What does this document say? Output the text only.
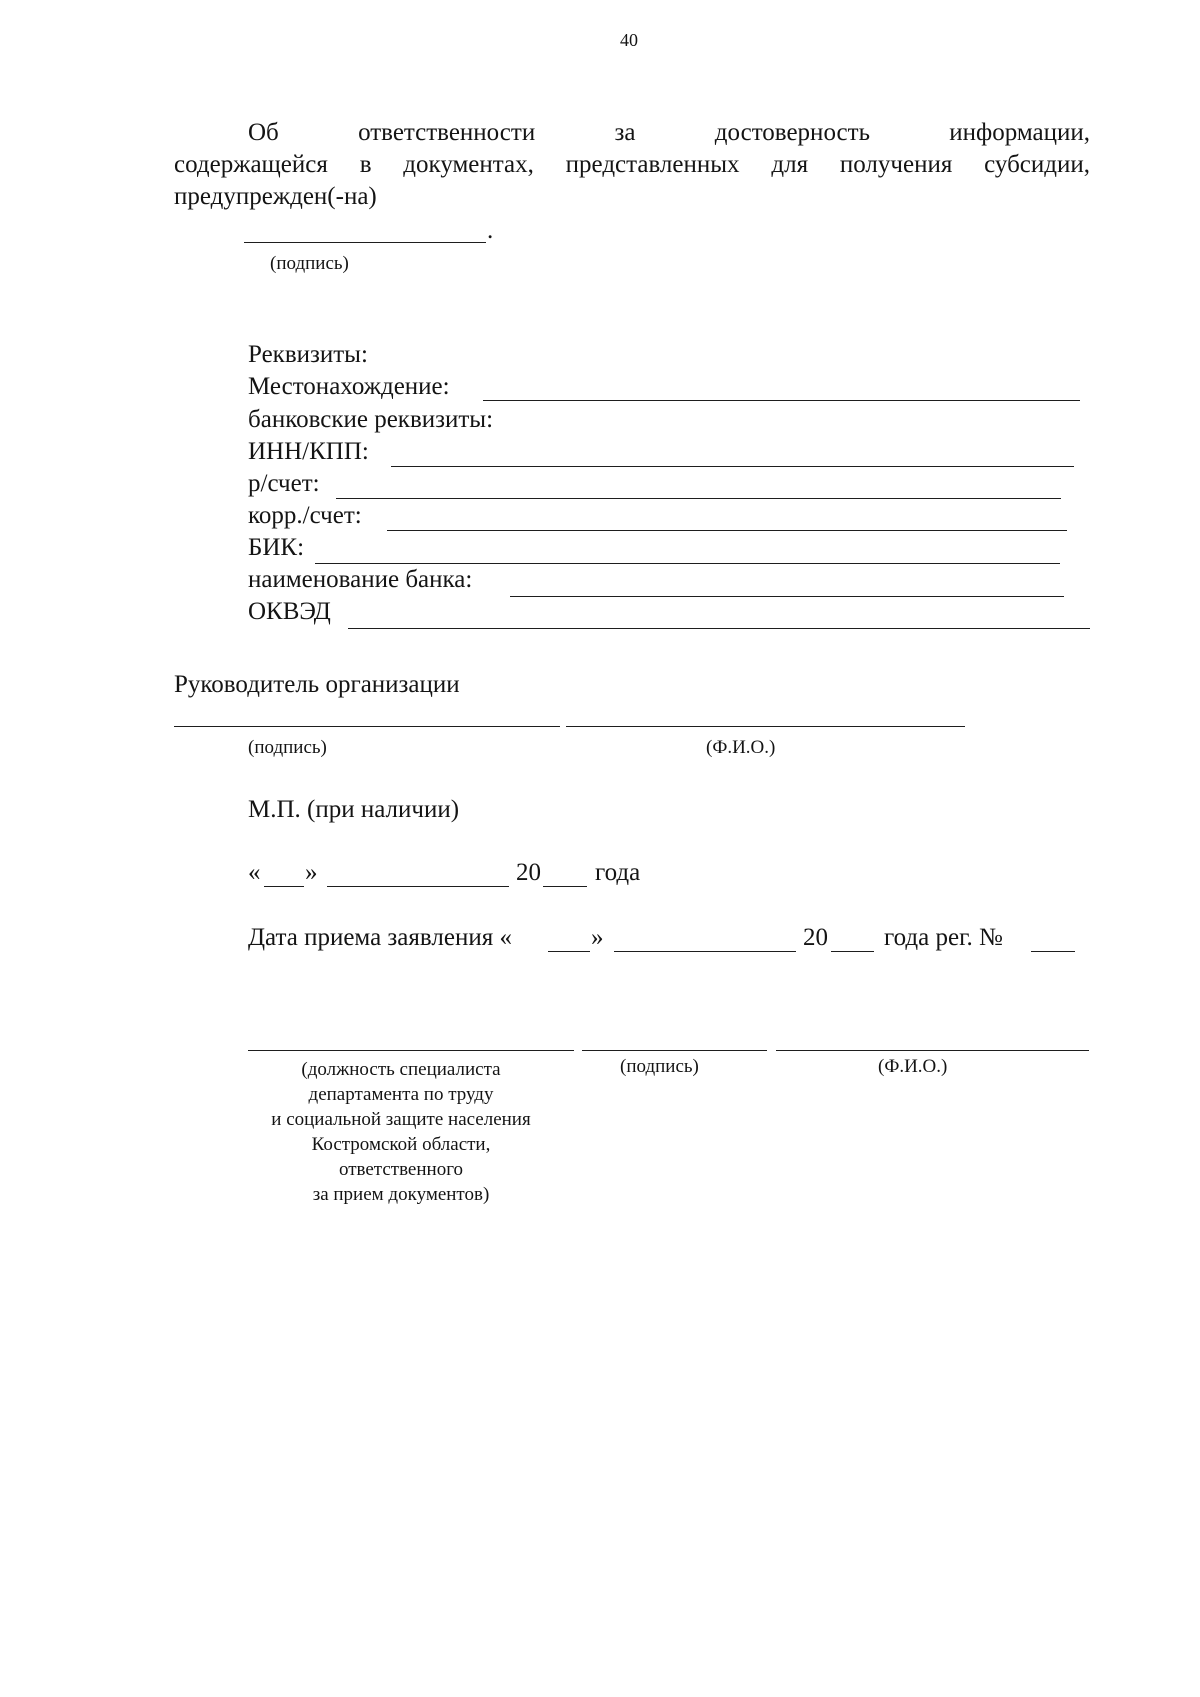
40
Об ответственности за достоверность информации,
содержащейся в документах, представленных для получения субсидии,
предупрежден(-на)
.
(подпись)
Реквизиты:
Местонахождение:
банковские реквизиты:
ИНН/КПП:
р/счет:
корр./счет:
БИК:
наименование банка:
ОКВЭД
Руководитель организации
(подпись)	(Ф.И.О.)
М.П. (при наличии)
« »	20 года
Дата приема заявления «	»	20 года рег. №
(должность специалиста
департамента по труду
и социальной защите населения
Костромской области,
ответственного
за прием документов)
(подпись)	(Ф.И.О.)
